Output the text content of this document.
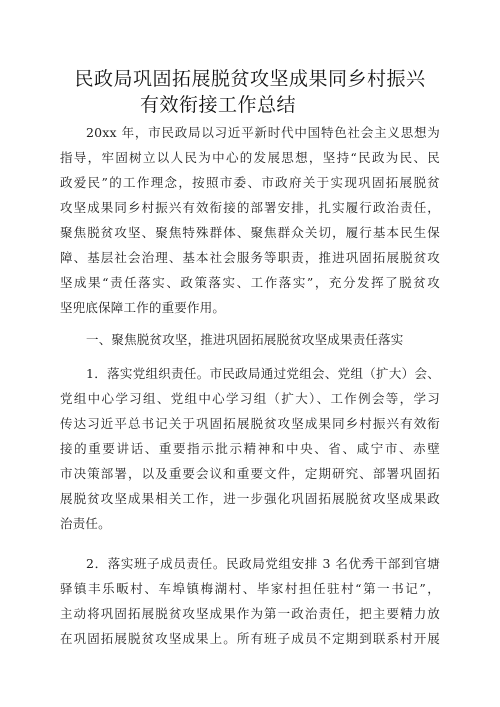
民政局巩固拓展脱贫攻坚成果同乡村振兴
有效衔接工作总结
20xx 年，市民政局以习近平新时代中国特色社会主义思想为
指导，牢固树立以人民为中心的发展思想，坚持“民政为民、民
政爱民”的工作理念，按照市委、市政府关于实现巩固拓展脱贫
攻坚成果同乡村振兴有效衔接的部署安排，扎实履行政治责任，
聚焦脱贫攻坚、聚焦特殊群体、聚焦群众关切，履行基本民生保
障、基层社会治理、基本社会服务等职责，推进巩固拓展脱贫攻
坚成果“责任落实、政策落实、工作落实”，充分发挥了脱贫攻
坚兜底保障工作的重要作用。
一、聚焦脱贫攻坚，推进巩固拓展脱贫攻坚成果责任落实
1．落实党组织责任。市民政局通过党组会、党组（扩大）会、
党组中心学习组、党组中心学习组（扩大）、工作例会等，学习
传达习近平总书记关于巩固拓展脱贫攻坚成果同乡村振兴有效衔
接的重要讲话、重要指示批示精神和中央、省、咸宁市、赤壁
市决策部署，以及重要会议和重要文件，定期研究、部署巩固拓
展脱贫攻坚成果相关工作，进一步强化巩固拓展脱贫攻坚成果政
治责任。
2．落实班子成员责任。民政局党组安排 3 名优秀干部到官塘
驿镇丰乐畈村、车埠镇梅湖村、毕家村担任驻村“第一书记”，
主动将巩固拓展脱贫攻坚成果作为第一政治责任，把主要精力放
在巩固拓展脱贫攻坚成果上。所有班子成员不定期到联系村开展
